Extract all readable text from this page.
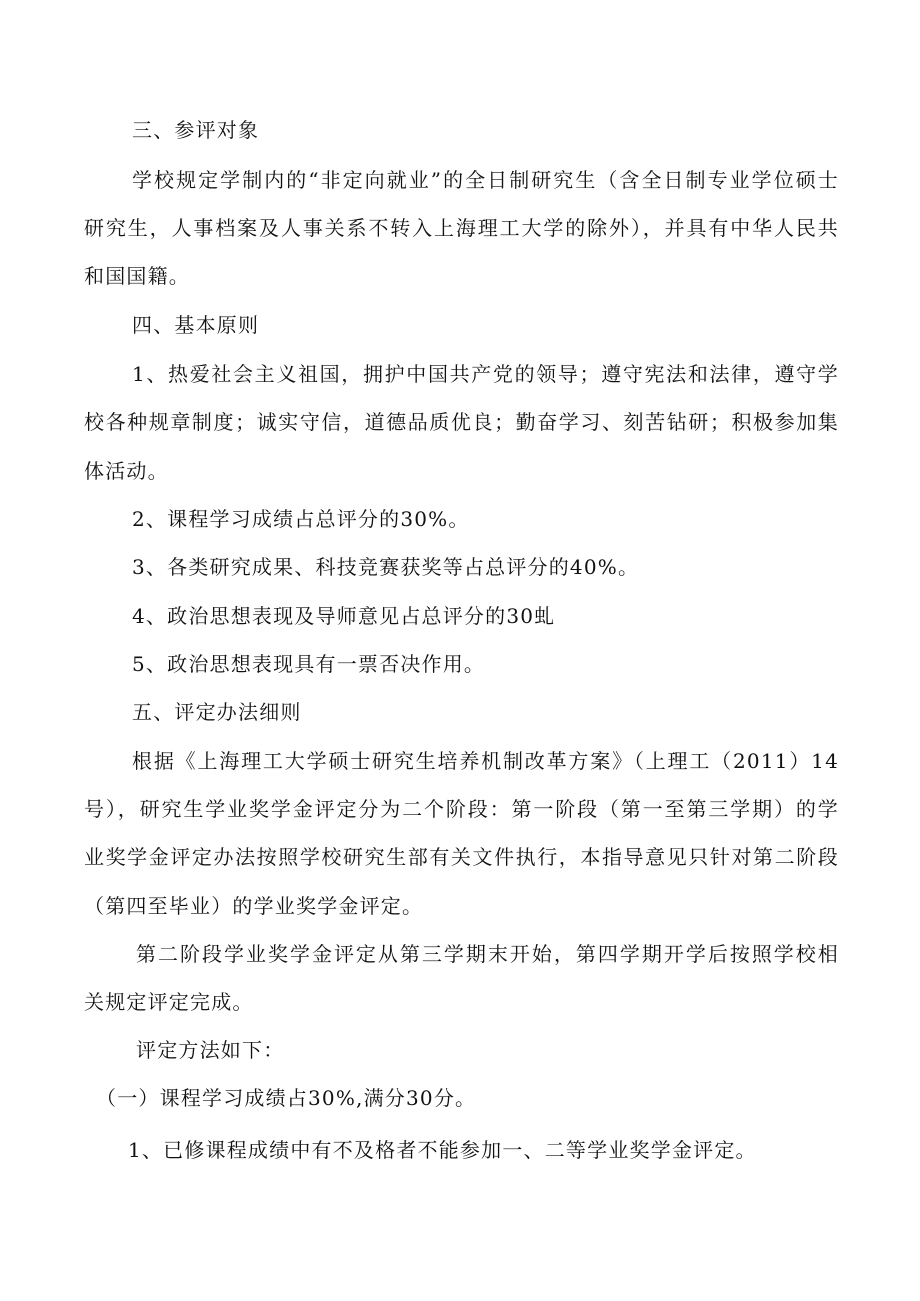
三、参评对象
学校规定学制内的“非定向就业”的全日制研究生（含全日制专业学位硕士
研究生，人事档案及人事关系不转入上海理工大学的除外），并具有中华人民共
和国国籍。
四、基本原则
1、热爱社会主义祖国，拥护中国共产党的领导；遵守宪法和法律，遵守学
校各种规章制度；诚实守信，道德品质优良；勤奋学习、刻苦钻研；积极参加集
体活动。
2、课程学习成绩占总评分的30%。
3、各类研究成果、科技竞赛获奖等占总评分的40%。
4、政治思想表现及导师意见占总评分的30虬
5、政治思想表现具有一票否决作用。
五、评定办法细则
根据《上海理工大学硕士研究生培养机制改革方案》（上理工（2011）14
号），研究生学业奖学金评定分为二个阶段：第一阶段（第一至第三学期）的学
业奖学金评定办法按照学校研究生部有关文件执行，本指导意见只针对第二阶段
（第四至毕业）的学业奖学金评定。
第二阶段学业奖学金评定从第三学期末开始，第四学期开学后按照学校相
关规定评定完成。
评定方法如下：
（一）课程学习成绩占30%,满分30分。
1、已修课程成绩中有不及格者不能参加一、二等学业奖学金评定。
